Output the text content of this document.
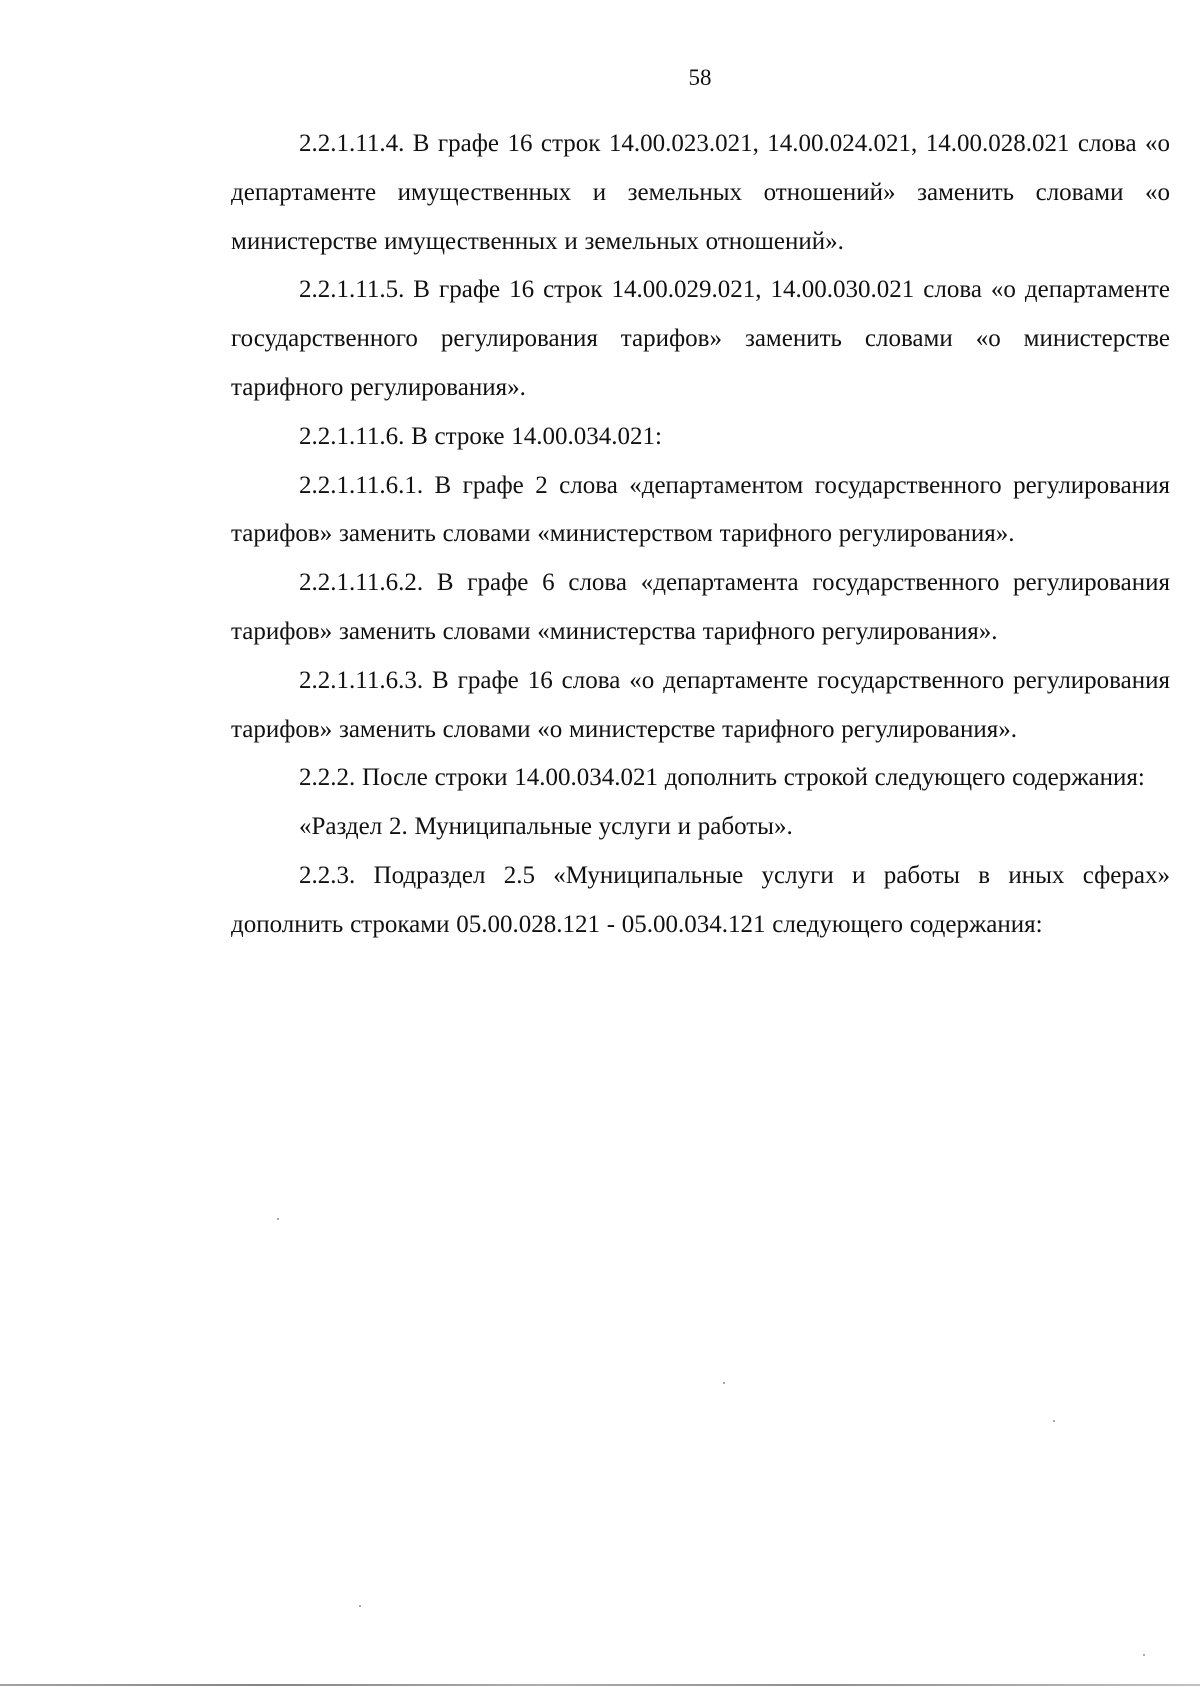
58

2.2.1.11.4. В графе 16 строк 14.00.023.021, 14.00.024.021, 14.00.028.021 слова «о департаменте имущественных и земельных отношений» заменить словами «о министерстве имущественных и земельных отношений».

2.2.1.11.5. В графе 16 строк 14.00.029.021, 14.00.030.021 слова «о департаменте государственного регулирования тарифов» заменить словами «о министерстве тарифного регулирования».

2.2.1.11.6. В строке 14.00.034.021:

2.2.1.11.6.1. В графе 2 слова «департаментом государственного регулирования тарифов» заменить словами «министерством тарифного регулирования».

2.2.1.11.6.2. В графе 6 слова «департамента государственного регулирования тарифов» заменить словами «министерства тарифного регулирования».

2.2.1.11.6.3. В графе 16 слова «о департаменте государственного регулирования тарифов» заменить словами «о министерстве тарифного регулирования».

2.2.2. После строки 14.00.034.021 дополнить строкой следующего содержания:

«Раздел 2. Муниципальные услуги и работы».

2.2.3. Подраздел 2.5 «Муниципальные услуги и работы в иных сферах» дополнить строками 05.00.028.121 - 05.00.034.121 следующего содержания:
